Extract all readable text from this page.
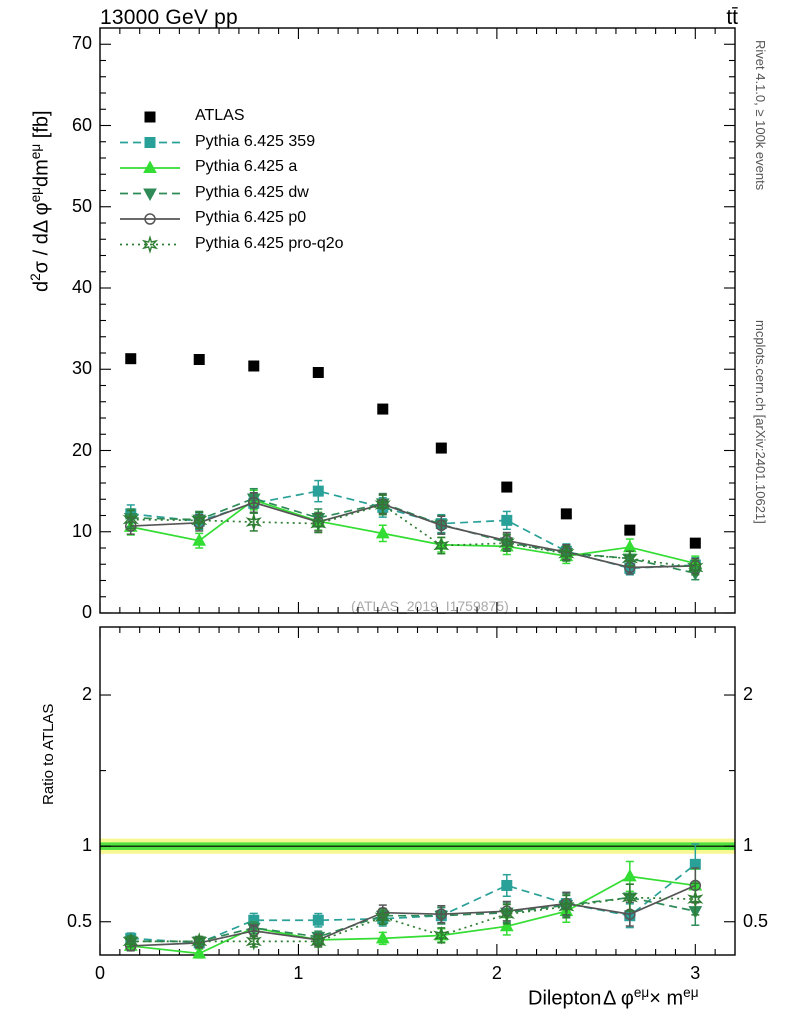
13000 GeV pp	tt̄
Rivet 4.1.0, ≥ 100k events
mcplots.cern.ch [arXiv:2401.10621]
$d^2\sigma$ / dΔ $\varphi^{e\mu}dm^{e\mu}$ [fb]
Ratio to ATLAS
Dilepton Δ $\varphi^{e\mu}\times m^{e\mu}$
(ATLAS_2019_I1759875)
0
10
20
30
40
50
60
70
0.5	0.5
1	1
2	2
0	1	2	3
ATLAS
Pythia 6.425 359
Pythia 6.425 a
Pythia 6.425 dw
Pythia 6.425 p0
Pythia 6.425 pro-q2o
